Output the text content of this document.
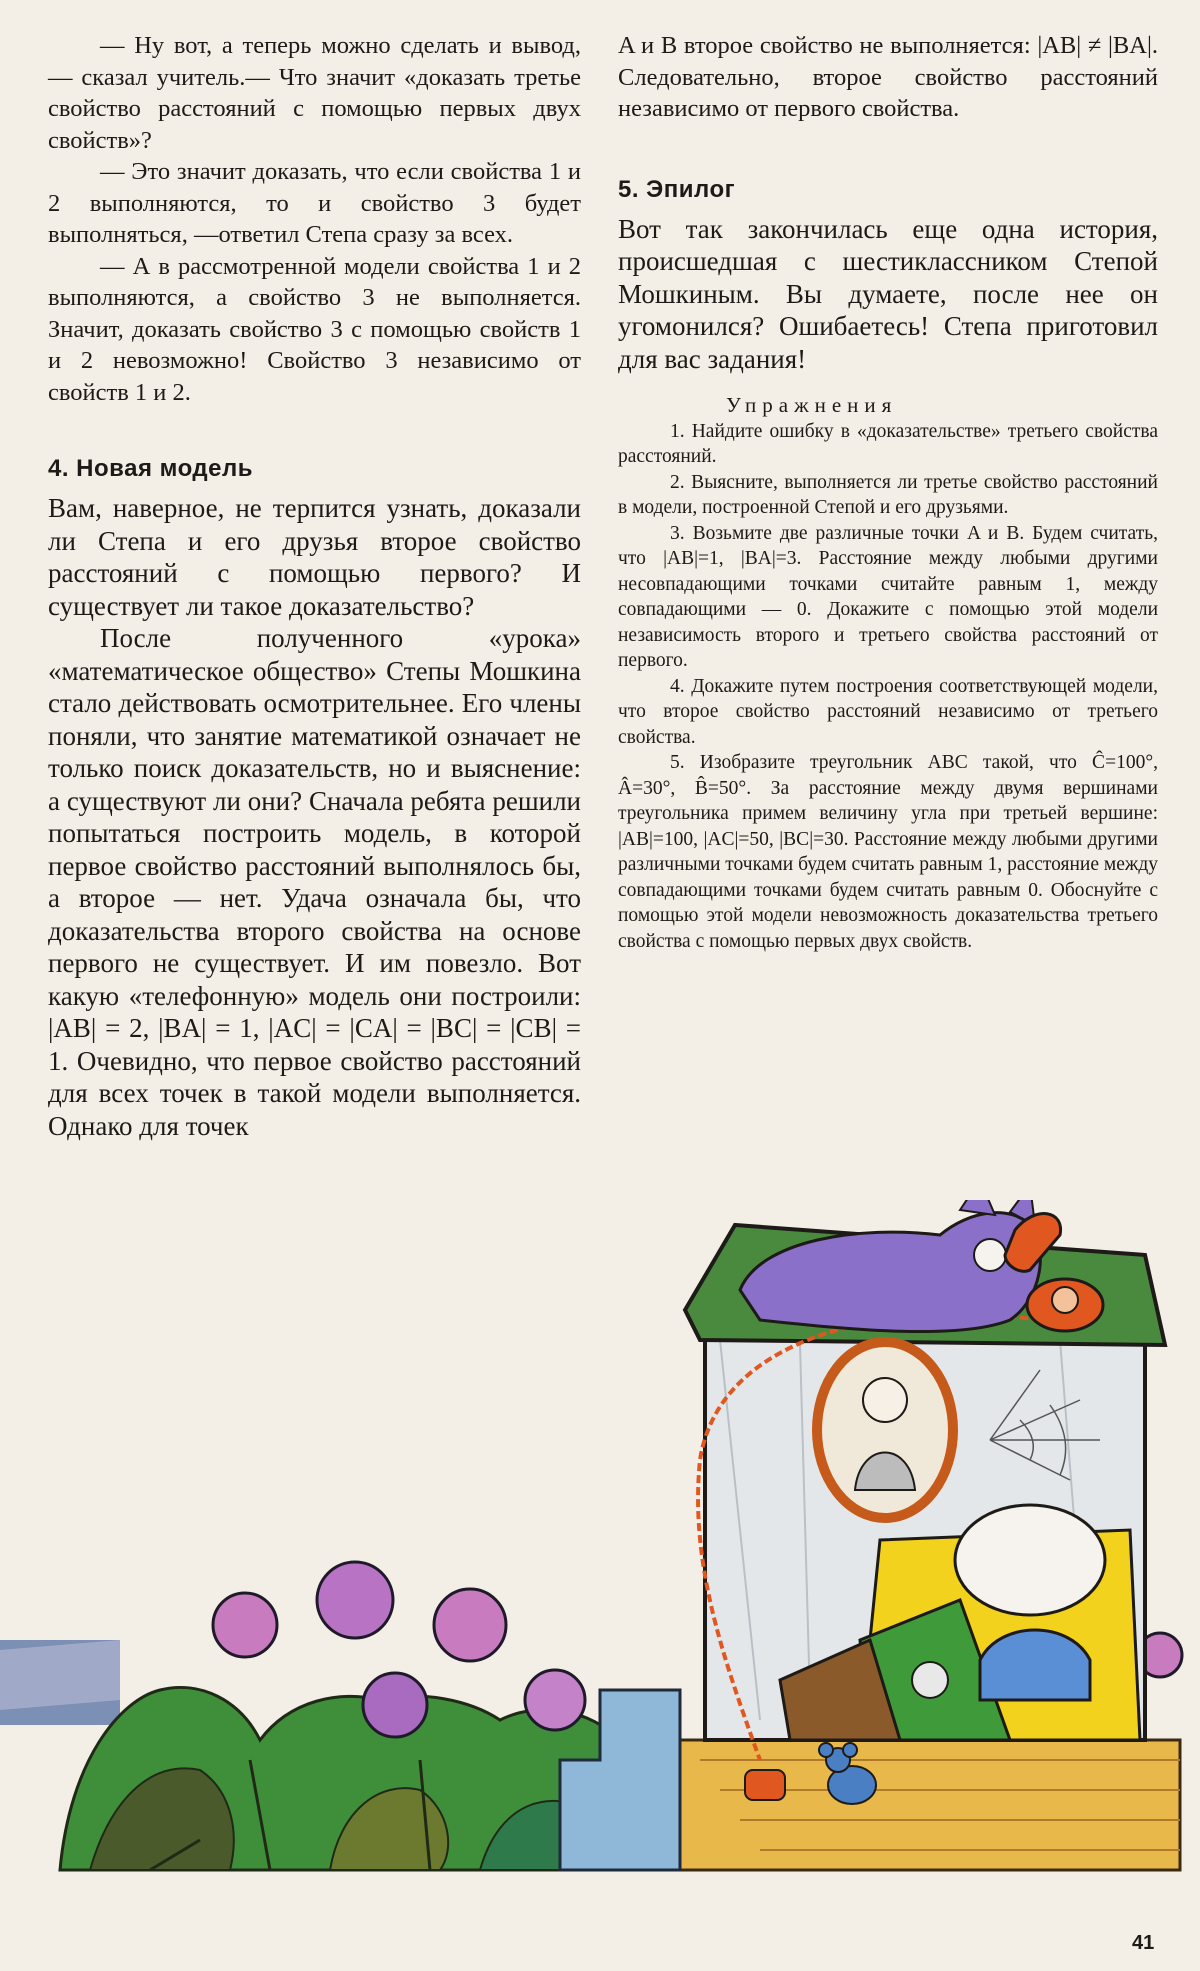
— Ну вот, а теперь можно сделать и вывод, — сказал учитель.— Что значит «доказать третье свойство расстояний с помощью первых двух свойств»?

— Это значит доказать, что если свойства 1 и 2 выполняются, то и свойство 3 будет выполняться, —ответил Степа сразу за всех.

— А в рассмотренной модели свойства 1 и 2 выполняются, а свойство 3 не выполняется. Значит, доказать свойство 3 с помощью свойств 1 и 2 невозможно! Свойство 3 независимо от свойств 1 и 2.

4. Новая модель

Вам, наверное, не терпится узнать, доказали ли Степа и его друзья второе свойство расстояний с помощью первого? И существует ли такое доказательство?

После полученного «урока» «математическое общество» Степы Мошкина стало действовать осмотрительнее. Его члены поняли, что занятие математикой означает не только поиск доказательств, но и выяснение: а существуют ли они? Сначала ребята решили попытаться построить модель, в которой первое свойство расстояний выполнялось бы, а второе — нет. Удача означала бы, что доказательства второго свойства на основе первого не существует. И им повезло. Вот какую «телефонную» модель они построили: |AB| = 2, |BA| = 1, |AC| = |CA| = |BC| = |CB| = 1. Очевидно, что первое свойство расстояний для всех точек в такой модели выполняется. Однако для точек

A и B второе свойство не выполняется: |AB| ≠ |BA|. Следовательно, второе свойство расстояний независимо от первого свойства.

5. Эпилог

Вот так закончилась еще одна история, происшедшая с шестиклассником Степой Мошкиным. Вы думаете, после нее он угомонился? Ошибаетесь! Степа приготовил для вас задания!

Упражнения

1. Найдите ошибку в «доказательстве» третьего свойства расстояний.

2. Выясните, выполняется ли третье свойство расстояний в модели, построенной Степой и его друзьями.

3. Возьмите две различные точки A и B. Будем считать, что |AB|=1, |BA|=3. Расстояние между любыми другими несовпадающими точками считайте равным 1, между совпадающими — 0. Докажите с помощью этой модели независимость второго и третьего свойства расстояний от первого.

4. Докажите путем построения соответствующей модели, что второе свойство расстояний независимо от третьего свойства.

5. Изобразите треугольник ABC такой, что Ĉ=100°, Â=30°, B̂=50°. За расстояние между двумя вершинами треугольника примем величину угла при третьей вершине: |AB|=100, |AC|=50, |BC|=30. Расстояние между любыми другими различными точками будем считать равным 1, расстояние между совпадающими точками будем считать равным 0. Обоснуйте с помощью этой модели невозможность доказательства третьего свойства с помощью первых двух свойств.

41
